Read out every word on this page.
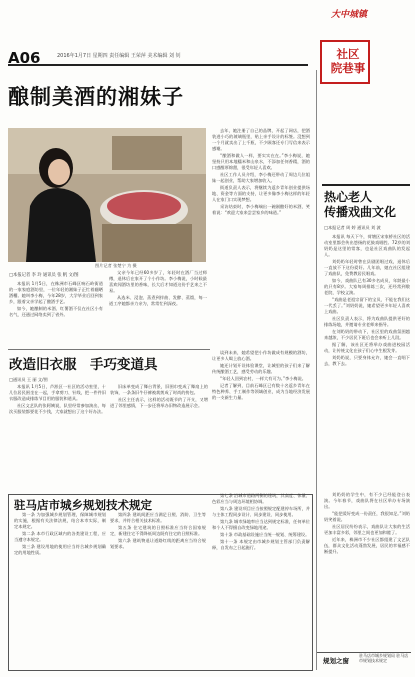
A06	2016年1月7日 星期四 责任编辑 王荣萍 美术编辑 刘 钊
大中城镇
社区
院巷事
酿制美酒的湘妹子
图片记者 张楚宁 为 摄
□本报记者 李 玲 通讯员 张 帆 文/图

本报讯 1月5日，在株洲市石峰区响石岭街道的一家家庭酒坊里，一位年轻的湘妹子正忙着翻晒酒糟。她叫李小梅，今年28岁，大学毕业后回到家乡，跟着父亲学起了酿酒手艺。

如今，她酿制的米酒、红薯酒不仅在社区小有名气，还通过网络卖到了省外。

父亲今年已经60多岁了，年轻时在酒厂当过师傅，退休后在家开了个小作坊。李小梅说，小时候最喜欢闻酒坊里的香味，长大后才知道这份手艺来之不易。

从选米、浸泡、蒸煮到拌曲、发酵、蒸馏，每一道工序她都亲力亲为，常常忙到深夜。

去年，她注册了自己的品牌，开起了网店，把酒装进小巧的玻璃瓶里，贴上亲手设计的标签。没想到一个月就卖出了上千瓶，不少顾客还专门写信来表示感谢。

“酿酒和做人一样，要实实在在。”李小梅说，她坚持只用本地糯米和山泉水，不添加任何香精，酒的口感醇厚绵甜，很受年轻人喜欢。

社区工作人员介绍，李小梅还带动了周边几位姐妹一起创业，帮助大家增加收入。

街道负责人表示，将继续为返乡青年创业提供场地、资金等方面的支持，让更多像李小梅这样的年轻人在家门口实现梦想。

采访结束时，李小梅端出一碗刚酿好的米酒，笑着说：“欢迎大家来尝尝家乡的味道。”

谈到未来，她希望把小作坊做成有规模的酒坊，让更多人喝上放心酒。

她还计划开设体验课堂，让城里的孩子们来了解传统酿酒工艺，感受劳动的乐趣。

“年轻人回到农村，一样大有可为。”李小梅说。

记者了解到，目前石峰区已有数十名返乡青年在特色种养、手工制作等领域创业，成为当地经济发展的一支新生力量。

改造旧衣服　手巧变道具
□通讯员 王 丽 文/图

本报讯 1月5日，芦淞区一社区的活动室里，十几位居民围坐在一起，手拿剪刀、针线，把一件件旧衣服改造成排练节目用的服装和道具。

社区文艺队的张阿姨说，队里经常参加演出，每次买服装都要花不少钱，大家就想出了这个好办法。

旧床单变成了舞台背景，旧围巾变成了舞扇上的装饰，一条条旧牛仔裤被裁剪成了时尚的挎包。

社区主任表示，这样的活动既节约了开支，又增进了邻里感情，下一步还将举办旧物改造展示会。

热心老人
传播戏曲文化
□本报记者 周 婷 通讯员 刘 波

本报讯 每天下午，荷塘区宋家桥社区的活动室里都会传出悠扬的花鼓戏唱腔。72岁的刘奶奶是这里的常客，也是社区戏曲队的发起人。

刘奶奶年轻时曾在县剧团唱过戏，退休后一直放不下这份爱好。几年前，她在社区组建了戏曲队，免费教居民唱戏。

如今，戏曲队已有30多名成员，年龄最小的只有8岁。大家每周排练三次，还经常到敬老院、学校义演。

“戏曲是老祖宗留下的宝贝，不能在我们这一代丢了。”刘奶奶说，她希望更多年轻人喜欢上戏曲。

社区负责人表示，将为戏曲队提供更好的排练场地，并邀请专业老师来指导。

在刘奶奶的带动下，社区里的戏曲氛围越来越浓，不少居民下班后也会来听上几段。

据了解，该社区还将举办戏曲进校园活动，让传统文化在孩子们心中生根发芽。

刘奶奶说，只要身体允许，她会一直唱下去，教下去。

驻马店市城乡规划技术规定

第一条 为加强城乡规划管理，保障城市规划的实施，根据有关法律法规，结合本市实际，制定本规定。

第二条 本市行政区域内的各类建设工程，应当遵守本规定。

第三条 建设用地的使用应当符合城乡规划确定的用地性质。

第四条 建筑间距应当满足日照、消防、卫生等要求，并符合相关技术标准。

第五条 住宅建筑的日照标准应当符合国家规定，新建住宅不得降低周边既有住宅的日照标准。

第六条 建筑物退让道路红线的距离应当符合规划要求。

第七条 沿城市道路两侧的建筑，其高度、体量、色彩应当与周边环境相协调。

第八条 建设项目应当按照规定配建停车场所，并与主体工程同步设计、同步建设、同步使用。

第九条 城市绿地率应当达到规定标准，任何单位和个人不得擅自改变绿地用途。

第十条 市政基础设施应当统一规划、统筹建设。

第十一条 本规定由市城乡规划主管部门负责解释，自发布之日起施行。

刘奶奶的学生中，有不少已经能登台表演。今年春节，戏曲队将在社区举办专场演出。

“能把爱好变成一份责任，我很知足。”刘奶奶笑着说。

社区居民纷纷表示，戏曲队让大家的生活更加丰富多彩，邻里之间也更加和睦了。

近年来，株洲市不少社区都组建了文艺队伍，群众文化活动蓬勃发展，居民的幸福感不断提升。

规划之窗
驻马店市城乡规划局 驻马店市规划技术规定
